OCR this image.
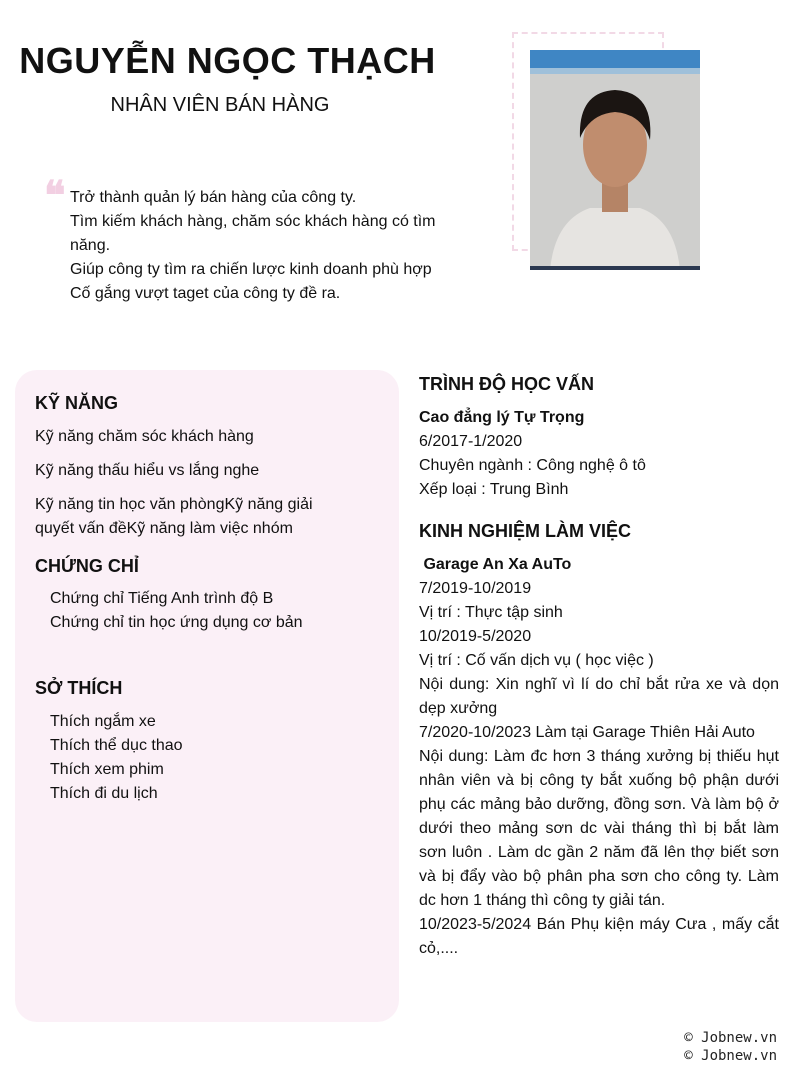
NGUYỄN NGỌC THẠCH
NHÂN VIÊN BÁN HÀNG
❝ Trở thành quản lý bán hàng của công ty.
Tìm kiếm khách hàng, chăm sóc khách hàng có tìm năng.
Giúp công ty tìm ra chiến lược kinh doanh phù hợp
Cố gắng vượt taget của công ty đề ra.
KỸ NĂNG
Kỹ năng chăm sóc khách hàng
Kỹ năng thấu hiểu vs lắng nghe
Kỹ năng tin học văn phòngKỹ năng giải quyết vấn đềKỹ năng làm việc nhóm
CHỨNG CHỈ
Chứng chỉ Tiếng Anh trình độ B
Chứng chỉ tin học ứng dụng cơ bản
SỞ THÍCH
Thích ngắm xe
Thích thể dục thao
Thích xem phim
Thích đi du lịch
TRÌNH ĐỘ HỌC VẤN
Cao đẳng lý Tự Trọng
6/2017-1/2020
Chuyên ngành : Công nghệ ô tô
Xếp loại : Trung Bình
KINH NGHIỆM LÀM VIỆC
Garage An Xa AuTo
7/2019-10/2019
Vị trí : Thực tập sinh
10/2019-5/2020
Vị trí : Cố vấn dịch vụ ( học việc )
Nội dung: Xin nghĩ vì lí do chỉ bắt rửa xe và dọn dẹp xưởng
7/2020-10/2023 Làm tại Garage Thiên Hải Auto
Nội dung: Làm đc hơn 3 tháng xưởng bị thiếu hụt nhân viên và bị công ty bắt xuống bộ phận dưới phụ các mảng bảo dưỡng, đồng sơn. Và làm bộ ở dưới theo mảng sơn dc vài tháng thì bị bắt làm sơn luôn . Làm dc gần 2 năm đã lên thợ biết sơn và bị đẩy vào bộ phân pha sơn cho công ty. Làm dc hơn 1 tháng thì công ty giải tán.
10/2023-5/2024 Bán Phụ kiện máy Cưa , mấy cắt cỏ,....
© Jobnew.vn
© Jobnew.vn
